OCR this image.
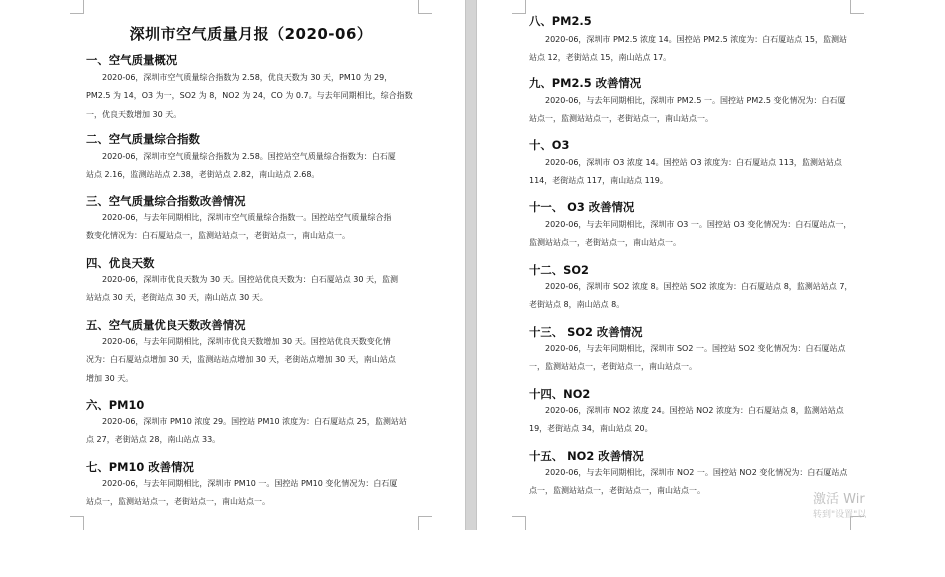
深圳市空气质量月报（2020-06）
一、空气质量概况
2020-06，深圳市空气质量综合指数为 2.58，优良天数为 30 天，PM10 为 29，
PM2.5 为 14，O3 为一，SO2 为 8，NO2 为 24，CO 为 0.7。与去年同期相比，综合指数
一，优良天数增加 30 天。
二、空气质量综合指数
2020-06，深圳市空气质量综合指数为 2.58。国控站空气质量综合指数为：白石厦
站点 2.16，监测站站点 2.38，老街站点 2.82，南山站点 2.68。
三、空气质量综合指数改善情况
2020-06，与去年同期相比，深圳市空气质量综合指数一。国控站空气质量综合指
数变化情况为：白石厦站点一，监测站站点一，老街站点一，南山站点一。
四、优良天数
2020-06，深圳市优良天数为 30 天。国控站优良天数为：白石厦站点 30 天，监测
站站点 30 天，老街站点 30 天，南山站点 30 天。
五、空气质量优良天数改善情况
2020-06，与去年同期相比，深圳市优良天数增加 30 天。国控站优良天数变化情
况为：白石厦站点增加 30 天，监测站站点增加 30 天，老街站点增加 30 天，南山站点
增加 30 天。
六、PM10
2020-06，深圳市 PM10 浓度 29。国控站 PM10 浓度为：白石厦站点 25，监测站站
点 27，老街站点 28，南山站点 33。
七、PM10 改善情况
2020-06，与去年同期相比，深圳市 PM10 一。国控站 PM10 变化情况为：白石厦
站点一，监测站站点一，老街站点一，南山站点一。
八、PM2.5
2020-06，深圳市 PM2.5 浓度 14。国控站 PM2.5 浓度为：白石厦站点 15，监测站
站点 12，老街站点 15，南山站点 17。
九、PM2.5 改善情况
2020-06，与去年同期相比，深圳市 PM2.5 一。国控站 PM2.5 变化情况为：白石厦
站点一，监测站站点一，老街站点一，南山站点一。
十、O3
2020-06，深圳市 O3 浓度 14。国控站 O3 浓度为：白石厦站点 113，监测站站点
114，老街站点 117，南山站点 119。
十一、 O3 改善情况
2020-06，与去年同期相比，深圳市 O3 一。国控站 O3 变化情况为：白石厦站点一，
监测站站点一，老街站点一，南山站点一。
十二、SO2
2020-06，深圳市 SO2 浓度 8。国控站 SO2 浓度为：白石厦站点 8，监测站站点 7，
老街站点 8，南山站点 8。
十三、 SO2 改善情况
2020-06，与去年同期相比，深圳市 SO2 一。国控站 SO2 变化情况为：白石厦站点
一，监测站站点一，老街站点一，南山站点一。
十四、NO2
2020-06，深圳市 NO2 浓度 24。国控站 NO2 浓度为：白石厦站点 8，监测站站点
19，老街站点 34，南山站点 20。
十五、 NO2 改善情况
2020-06，与去年同期相比，深圳市 NO2 一。国控站 NO2 变化情况为：白石厦站点
点一，监测站站点一，老街站点一，南山站点一。
激活 Wir
转到"设置"以
